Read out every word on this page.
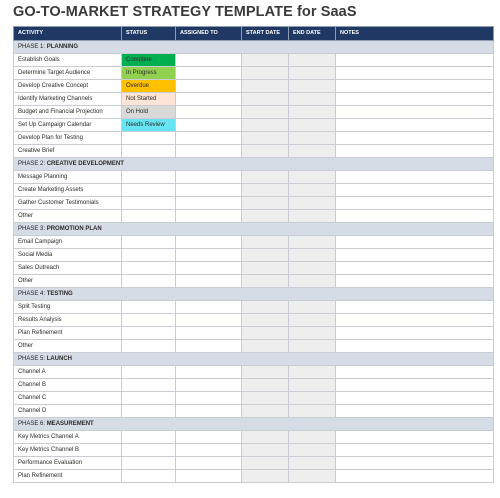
GO-TO-MARKET STRATEGY TEMPLATE for SaaS
ACTIVITY	STATUS	ASSIGNED TO	START DATE	END DATE	NOTES
PHASE 1: PLANNING					
Establish Goals	Complete				
Determine Target Audience	In Progress				
Develop Creative Concept	Overdue				
Identify Marketing Channels	Not Started				
Budget and Financial Projection	On Hold				
Set Up Campaign Calendar	Needs Review				
Develop Plan for Testing					
Creative Brief					
PHASE 2: CREATIVE DEVELOPMENT					
Message Planning					
Create Marketing Assets					
Gather Customer Testimonials					
Other					
PHASE 3: PROMOTION PLAN					
Email Campaign					
Social Media					
Sales Outreach					
Other					
PHASE 4: TESTING					
Split Testing					
Results Analysis					
Plan Refinement					
Other					
PHASE 5: LAUNCH					
Channel A					
Channel B					
Channel C					
Channel D					
PHASE 6: MEASUREMENT					
Key Metrics Channel A					
Key Metrics Channel B					
Performance Evaluation					
Plan Refinement					
